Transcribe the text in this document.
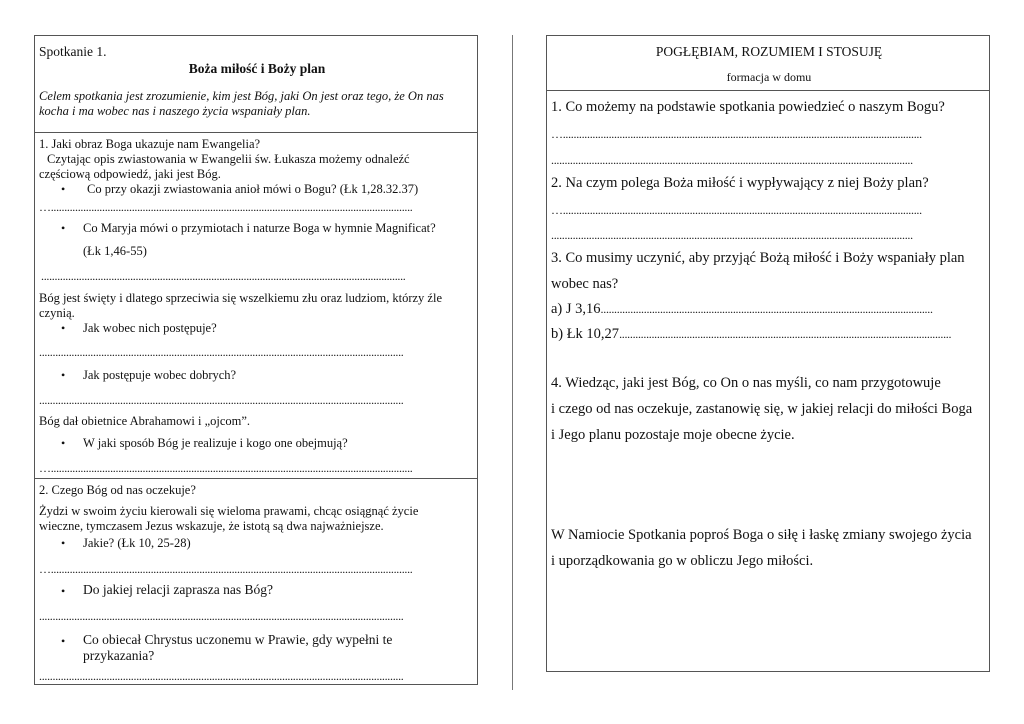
Spotkanie 1.
Boża miłość i Boży plan
Celem spotkania jest zrozumienie, kim jest Bóg, jaki On jest oraz tego, że On nas kocha i ma wobec nas i naszego życia wspaniały plan.
1. Jaki obraz Boga ukazuje nam Ewangelia?
Czytając opis zwiastowania w Ewangelii św. Łukasza możemy odnaleźć częściową odpowiedź, jaki jest Bóg.
• Co przy okazji zwiastowania anioł mówi o Bogu? (Łk 1,28.32.37)
…......................................................................................................................................
• Co Maryja mówi o przymiotach i naturze Boga w hymnie Magnificat?
(Łk 1,46-55)
.......................................................................................................................................
Bóg jest święty i dlatego sprzeciwia się wszelkiemu złu oraz ludziom, którzy źle czynią.
• Jak wobec nich postępuje?
.......................................................................................................................................
• Jak postępuje wobec dobrych?
.......................................................................................................................................
Bóg dał obietnice Abrahamowi i „ojcom”.
• W jaki sposób Bóg je realizuje i kogo one obejmują?
…......................................................................................................................................
2. Czego Bóg od nas oczekuje?
Żydzi w swoim życiu kierowali się wieloma prawami, chcąc osiągnąć życie wieczne, tymczasem Jezus wskazuje, że istotą są dwa najważniejsze.
• Jakie? (Łk 10, 25-28)
…......................................................................................................................................
• Do jakiej relacji zaprasza nas Bóg?
.......................................................................................................................................
• Co obiecał Chrystus uczonemu w Prawie, gdy wypełni te przykazania?
.......................................................................................................................................
POGŁĘBIAM, ROZUMIEM I STOSUJĘ
formacja w domu
1. Co możemy na podstawie spotkania powiedzieć o naszym Bogu?
….....................................................................................................................................
......................................................................................................................................
2. Na czym polega Boża miłość i wypływający z niej Boży plan?
….....................................................................................................................................
......................................................................................................................................
3. Co musimy uczynić, aby przyjąć Bożą miłość i Boży wspaniały plan
wobec nas?
a) J 3,16...........................................................................................................................
b) Łk 10,27...........................................................................................................................
4. Wiedząc, jaki jest Bóg, co On o nas myśli, co nam przygotowuje
i czego od nas oczekuje, zastanowię się, w jakiej relacji do miłości Boga
i Jego planu pozostaje moje obecne życie.
W Namiocie Spotkania poproś Boga o siłę i łaskę zmiany swojego życia
i uporządkowania go w obliczu Jego miłości.
